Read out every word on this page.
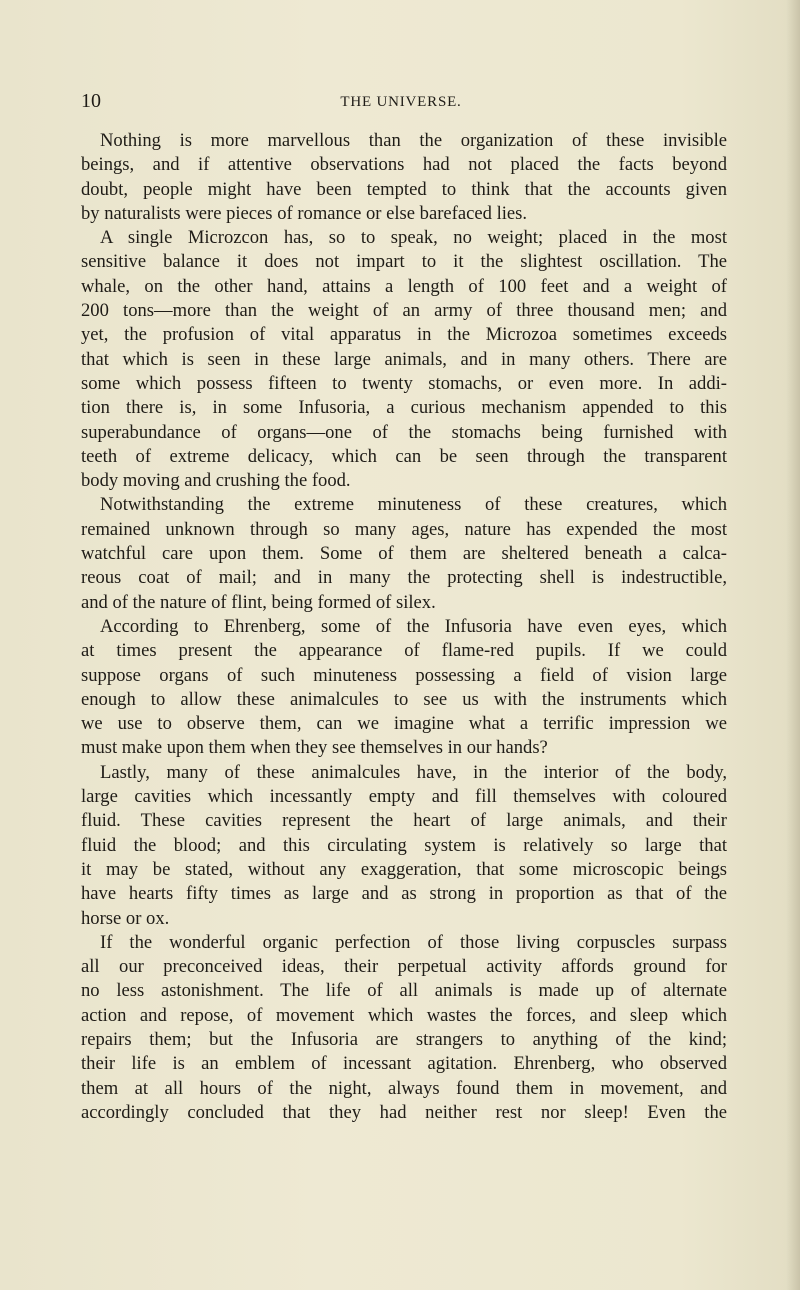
10	THE UNIVERSE.
Nothing is more marvellous than the organization of these invisible
beings, and if attentive observations had not placed the facts beyond
doubt, people might have been tempted to think that the accounts given
by naturalists were pieces of romance or else barefaced lies.
A single Microzcon has, so to speak, no weight; placed in the most
sensitive balance it does not impart to it the slightest oscillation. The
whale, on the other hand, attains a length of 100 feet and a weight of
200 tons—more than the weight of an army of three thousand men; and
yet, the profusion of vital apparatus in the Microzoa sometimes exceeds
that which is seen in these large animals, and in many others. There are
some which possess fifteen to twenty stomachs, or even more. In addi-
tion there is, in some Infusoria, a curious mechanism appended to this
superabundance of organs—one of the stomachs being furnished with
teeth of extreme delicacy, which can be seen through the transparent
body moving and crushing the food.
Notwithstanding the extreme minuteness of these creatures, which
remained unknown through so many ages, nature has expended the most
watchful care upon them. Some of them are sheltered beneath a calca-
reous coat of mail; and in many the protecting shell is indestructible,
and of the nature of flint, being formed of silex.
According to Ehrenberg, some of the Infusoria have even eyes, which
at times present the appearance of flame-red pupils. If we could
suppose organs of such minuteness possessing a field of vision large
enough to allow these animalcules to see us with the instruments which
we use to observe them, can we imagine what a terrific impression we
must make upon them when they see themselves in our hands?
Lastly, many of these animalcules have, in the interior of the body,
large cavities which incessantly empty and fill themselves with coloured
fluid. These cavities represent the heart of large animals, and their
fluid the blood; and this circulating system is relatively so large that
it may be stated, without any exaggeration, that some microscopic beings
have hearts fifty times as large and as strong in proportion as that of the
horse or ox.
If the wonderful organic perfection of those living corpuscles surpass
all our preconceived ideas, their perpetual activity affords ground for
no less astonishment. The life of all animals is made up of alternate
action and repose, of movement which wastes the forces, and sleep which
repairs them; but the Infusoria are strangers to anything of the kind;
their life is an emblem of incessant agitation. Ehrenberg, who observed
them at all hours of the night, always found them in movement, and
accordingly concluded that they had neither rest nor sleep! Even the
